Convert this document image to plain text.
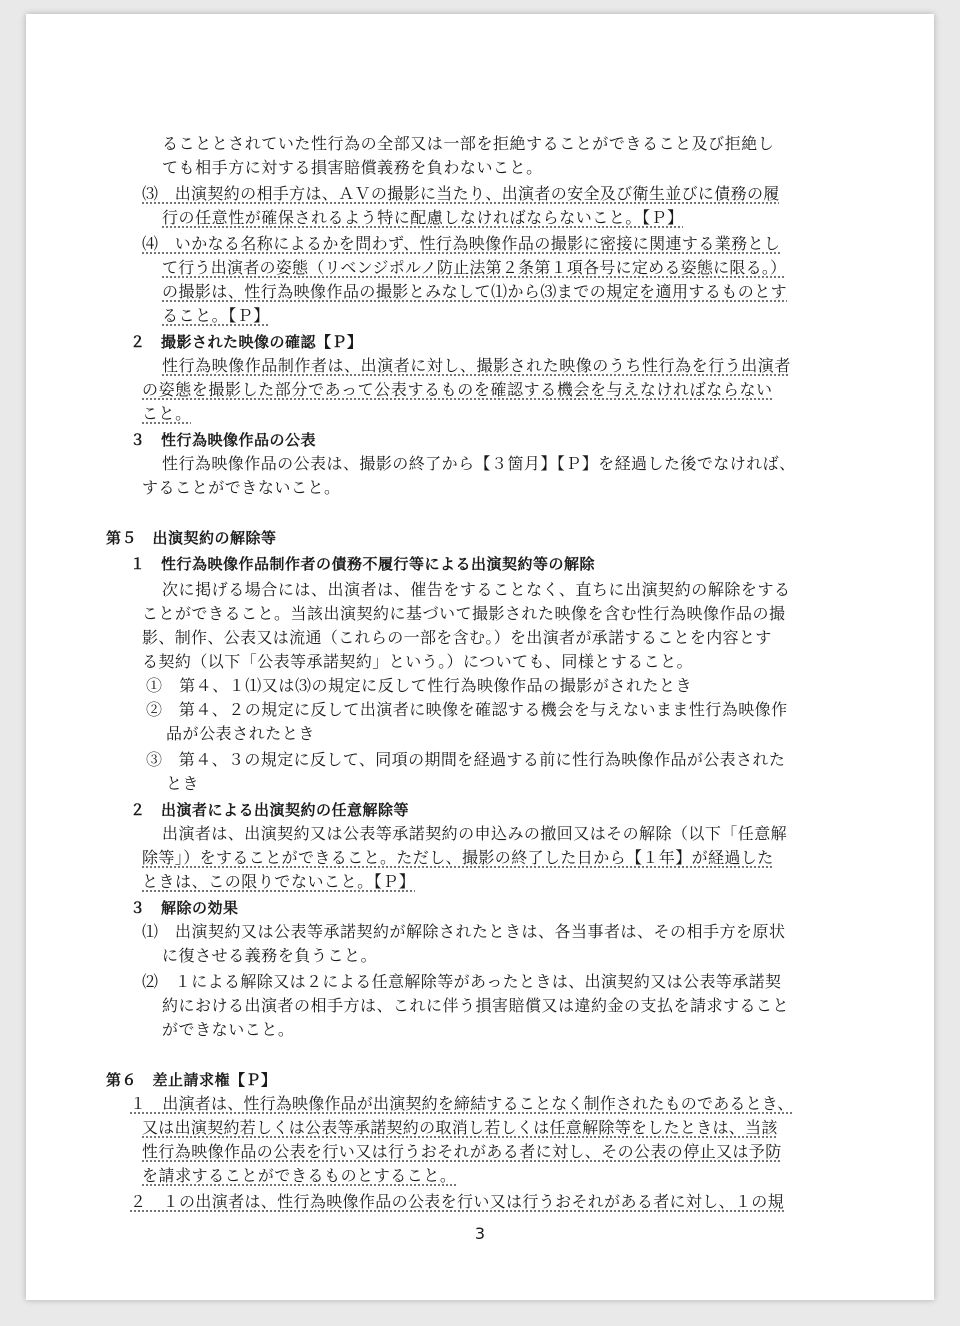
ることとされていた性行為の全部又は一部を拒絶することができること及び拒絶し
ても相手方に対する損害賠償義務を負わないこと。
⑶　出演契約の相手方は、ＡＶの撮影に当たり、出演者の安全及び衛生並びに債務の履
行の任意性が確保されるよう特に配慮しなければならないこと。【Ｐ】
⑷　いかなる名称によるかを問わず、性行為映像作品の撮影に密接に関連する業務とし
て行う出演者の姿態（リベンジポルノ防止法第２条第１項各号に定める姿態に限る。）
の撮影は、性行為映像作品の撮影とみなして⑴から⑶までの規定を適用するものとす
ること。【Ｐ】
２　撮影された映像の確認【Ｐ】
性行為映像作品制作者は、出演者に対し、撮影された映像のうち性行為を行う出演者
の姿態を撮影した部分であって公表するものを確認する機会を与えなければならない
こと。
３　性行為映像作品の公表
性行為映像作品の公表は、撮影の終了から【３箇月】【Ｐ】を経過した後でなければ、
することができないこと。
第５　出演契約の解除等
１　性行為映像作品制作者の債務不履行等による出演契約等の解除
次に掲げる場合には、出演者は、催告をすることなく、直ちに出演契約の解除をする
ことができること。当該出演契約に基づいて撮影された映像を含む性行為映像作品の撮
影、制作、公表又は流通（これらの一部を含む。）を出演者が承諾することを内容とす
る契約（以下「公表等承諾契約」という。）についても、同様とすること。
①　第４、１⑴又は⑶の規定に反して性行為映像作品の撮影がされたとき
②　第４、２の規定に反して出演者に映像を確認する機会を与えないまま性行為映像作
品が公表されたとき
③　第４、３の規定に反して、同項の期間を経過する前に性行為映像作品が公表された
とき
２　出演者による出演契約の任意解除等
出演者は、出演契約又は公表等承諾契約の申込みの撤回又はその解除（以下「任意解
除等」）をすることができること。ただし、撮影の終了した日から【１年】が経過した
ときは、この限りでないこと。【Ｐ】
３　解除の効果
⑴　出演契約又は公表等承諾契約が解除されたときは、各当事者は、その相手方を原状
に復させる義務を負うこと。
⑵　１による解除又は２による任意解除等があったときは、出演契約又は公表等承諾契
約における出演者の相手方は、これに伴う損害賠償又は違約金の支払を請求すること
ができないこと。
第６　差止請求権【Ｐ】
１　出演者は、性行為映像作品が出演契約を締結することなく制作されたものであるとき、
又は出演契約若しくは公表等承諾契約の取消し若しくは任意解除等をしたときは、当該
性行為映像作品の公表を行い又は行うおそれがある者に対し、その公表の停止又は予防
を請求することができるものとすること。
２　１の出演者は、性行為映像作品の公表を行い又は行うおそれがある者に対し、１の規
3
